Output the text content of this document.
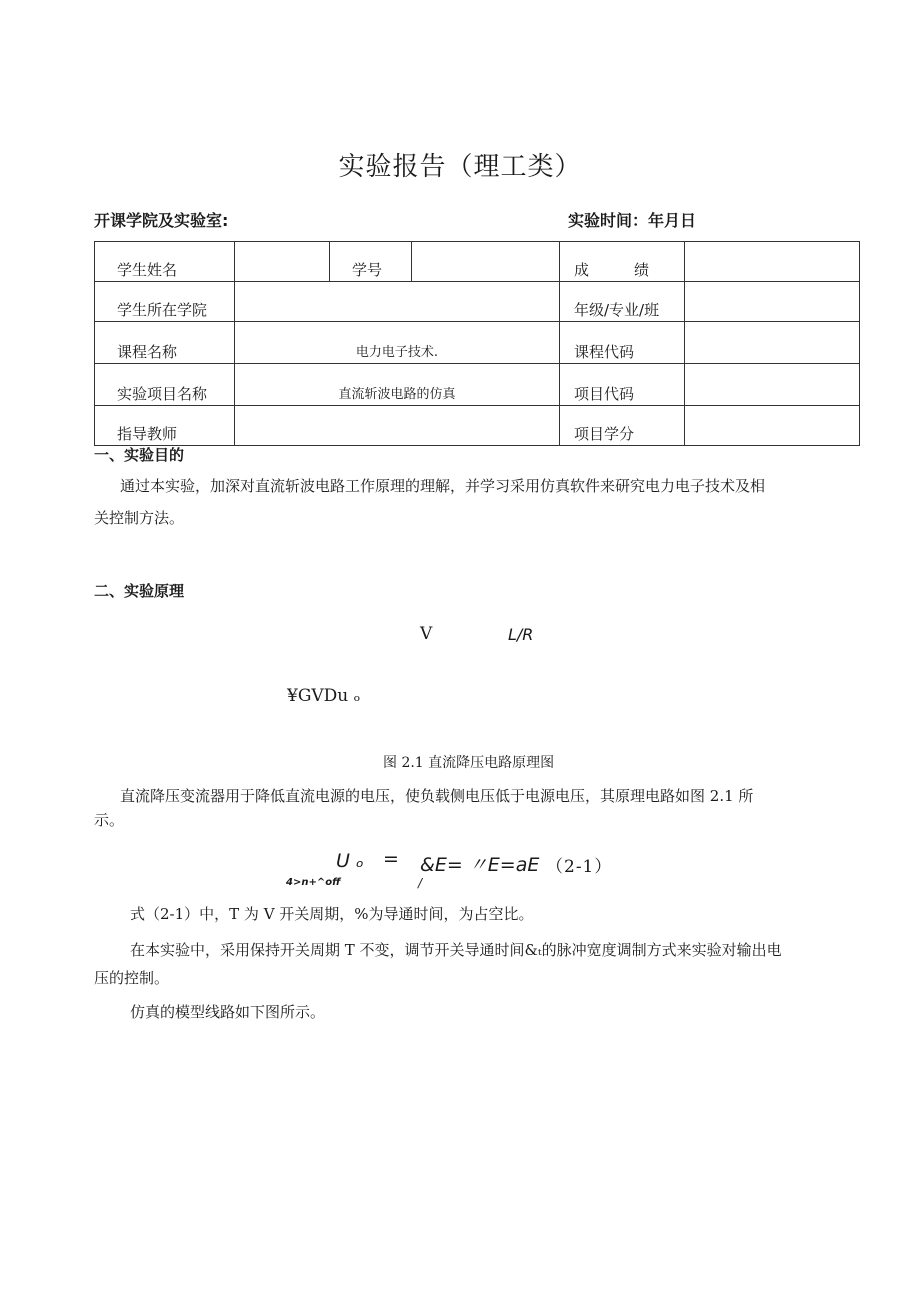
实验报告（理工类）
开课学院及实验室:	实验时间：年月日
学生姓名		学号		成　　　绩	
学生所在学院				年级/专业/班	
课程名称	电力电子技术.			课程代码	
实验项目名称	直流斩波电路的仿真			项目代码	
指导教师				项目学分	
一、实验目的
通过本实验，加深对直流斩波电路工作原理的理解，并学习采用仿真软件来研究电力电子技术及相
关控制方法。
二、实验原理
V	L/R
¥GVDu ₒ
图 2.1 直流降压电路原理图
直流降压变流器用于降低直流电源的电压，使负载侧电压低于电源电压，其原理电路如图 2.1 所
示。
U ₒ = &E= 〃E=aE （2-1）
4>n+^off	/
式（2-1）中，T 为 V 开关周期，%为导通时间，为占空比。
在本实验中，采用保持开关周期 T 不变，调节开关导通时间&ₜ的脉冲宽度调制方式来实验对输出电
压的控制。
仿真的模型线路如下图所示。
